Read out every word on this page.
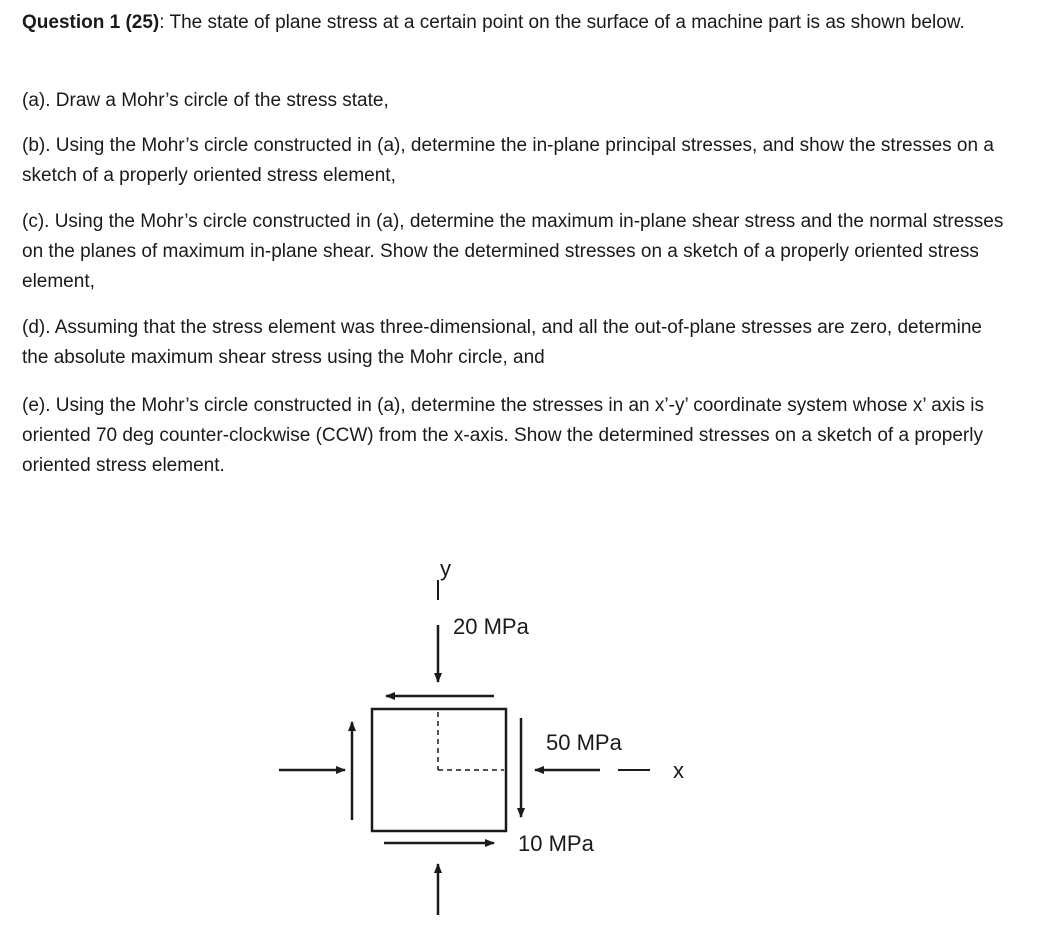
Question 1 (25): The state of plane stress at a certain point on the surface of a machine part is as shown below.

(a). Draw a Mohr’s circle of the stress state,

(b). Using the Mohr’s circle constructed in (a), determine the in-plane principal stresses, and show the stresses on a sketch of a properly oriented stress element,

(c). Using the Mohr’s circle constructed in (a), determine the maximum in-plane shear stress and the normal stresses on the planes of maximum in-plane shear. Show the determined stresses on a sketch of a properly oriented stress element,

(d). Assuming that the stress element was three-dimensional, and all the out-of-plane stresses are zero, determine the absolute maximum shear stress using the Mohr circle, and

(e). Using the Mohr’s circle constructed in (a), determine the stresses in an x’-y’ coordinate system whose x’ axis is oriented 70 deg counter-clockwise (CCW) from the x-axis. Show the determined stresses on a sketch of a properly oriented stress element.

y
20 MPa
50 MPa
x
10 MPa
